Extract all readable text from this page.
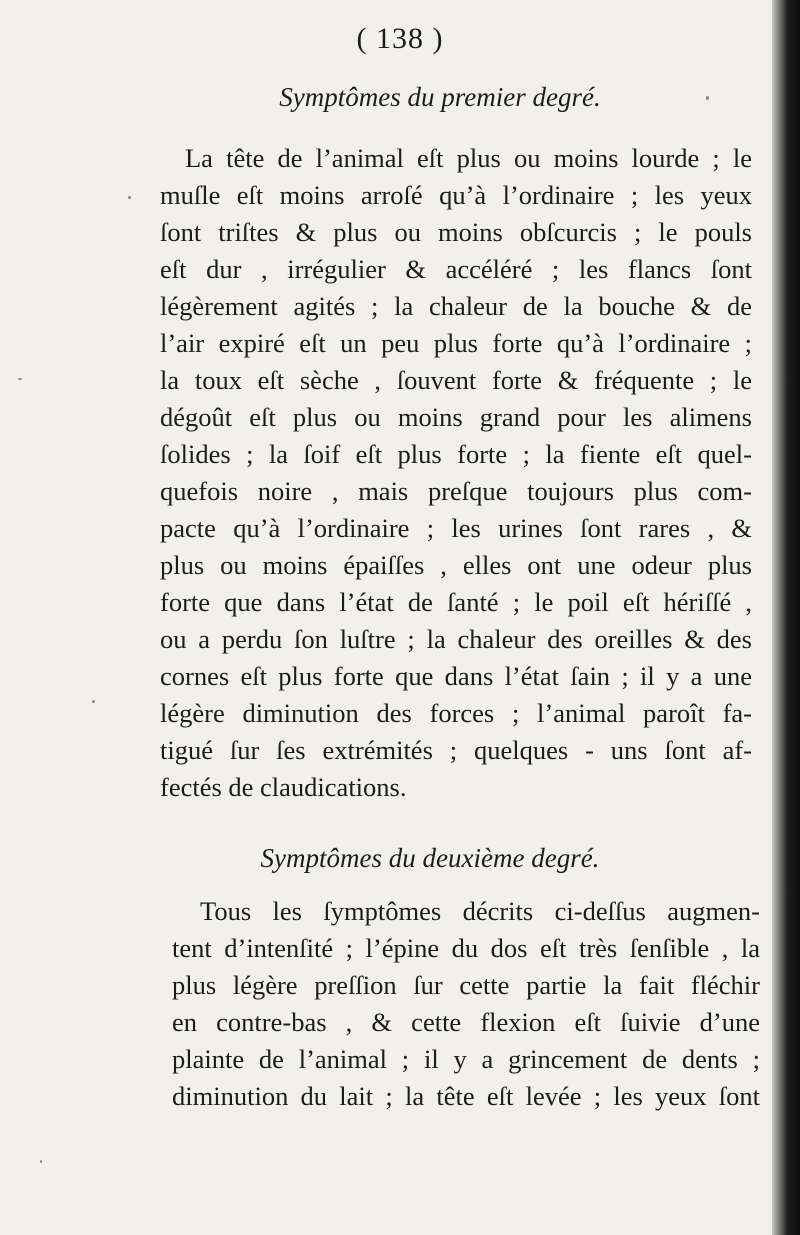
( 138 )
Symptômes du premier degré.
La tête de l’animal eſt plus ou moins lourde ; le
muſle eſt moins arroſé qu’à l’ordinaire ; les yeux
ſont triſtes & plus ou moins obſcurcis ; le pouls
eſt dur , irrégulier & accéléré ; les flancs ſont
légèrement agités ; la chaleur de la bouche & de
l’air expiré eſt un peu plus forte qu’à l’ordinaire ;
la toux eſt sèche , ſouvent forte & fréquente ; le
dégoût eſt plus ou moins grand pour les alimens
ſolides ; la ſoif eſt plus forte ; la fiente eſt quel-
quefois noire , mais preſque toujours plus com-
pacte qu’à l’ordinaire ; les urines ſont rares , &
plus ou moins épaiſſes , elles ont une odeur plus
forte que dans l’état de ſanté ; le poil eſt hériſſé ,
ou a perdu ſon luſtre ; la chaleur des oreilles & des
cornes eſt plus forte que dans l’état ſain ; il y a une
légère diminution des forces ; l’animal paroît fa-
tigué ſur ſes extrémités ; quelques - uns ſont af-
fectés de claudications.
Symptômes du deuxième degré.
Tous les ſymptômes décrits ci-deſſus augmen-
tent d’intenſité ; l’épine du dos eſt très ſenſible , la
plus légère preſſion ſur cette partie la fait fléchir
en contre-bas , & cette flexion eſt ſuivie d’une
plainte de l’animal ; il y a grincement de dents ;
diminution du lait ; la tête eſt levée ; les yeux ſont
